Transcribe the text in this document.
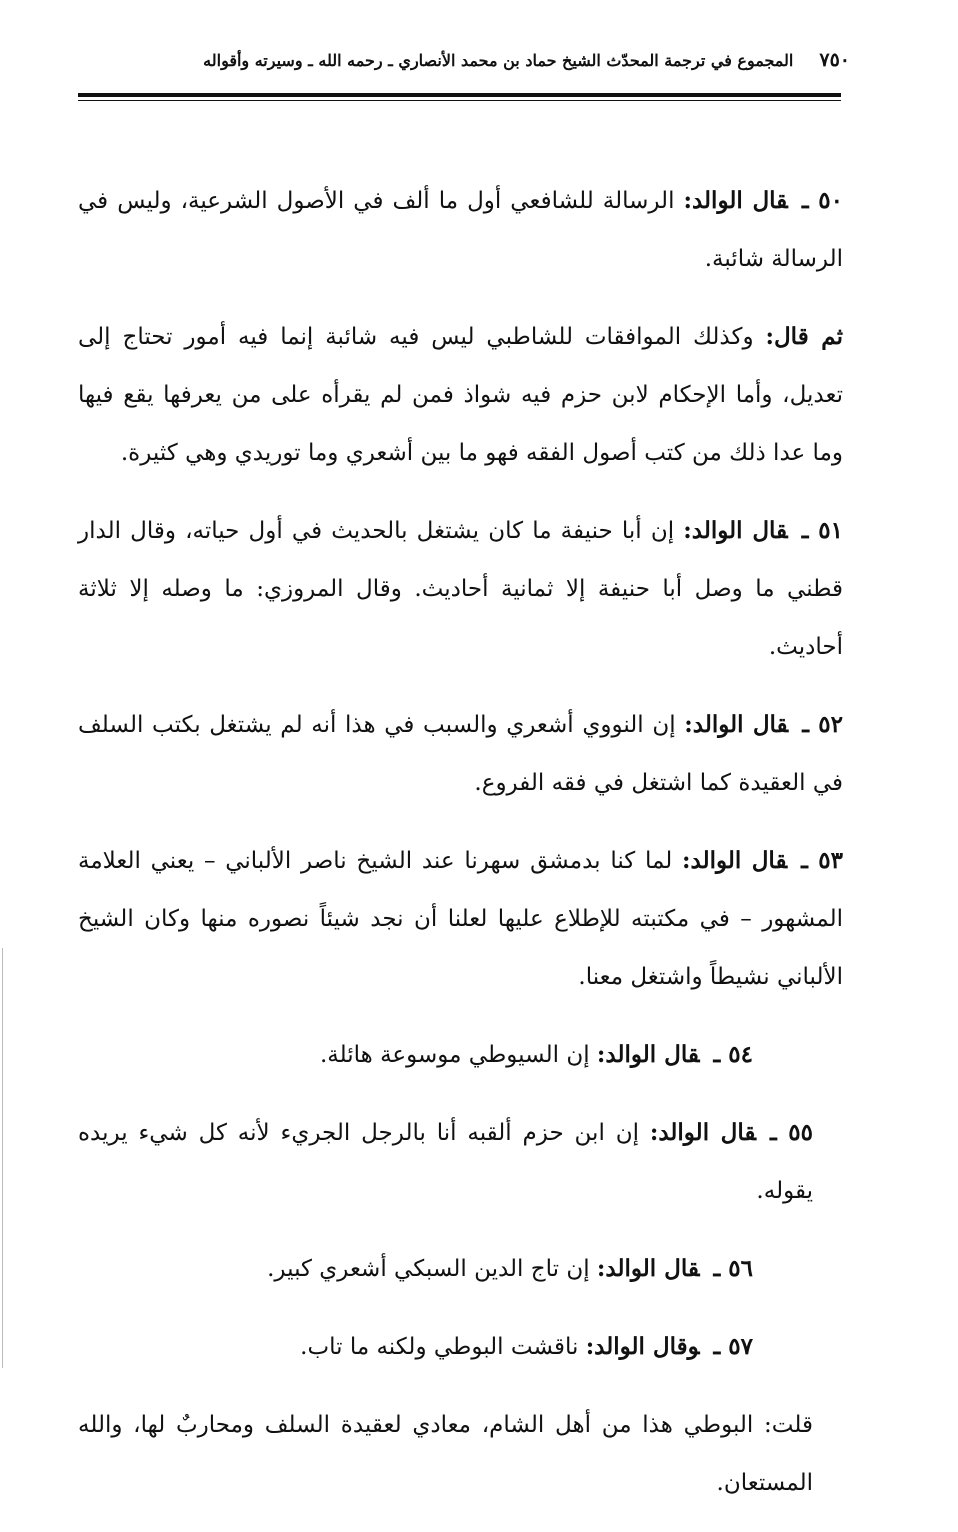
٧٥٠
المجموع في ترجمة المحدّث الشيخ حماد بن محمد الأنصاري ـ رحمه الله ـ وسيرته وأقواله

٥٠ ـقال الوالد: الرسالة للشافعي أول ما ألف في الأصول الشرعية، وليس في الرسالة شائبة.

ثم قال: وكذلك الموافقات للشاطبي ليس فيه شائبة إنما فيه أمور تحتاج إلى تعديل، وأما الإحكام لابن حزم فيه شواذ فمن لم يقرأه على من يعرفها يقع فيها وما عدا ذلك من كتب أصول الفقه فهو ما بين أشعري وما توريدي وهي كثيرة.

٥١ ـقال الوالد: إن أبا حنيفة ما كان يشتغل بالحديث في أول حياته، وقال الدار قطني ما وصل أبا حنيفة إلا ثمانية أحاديث. وقال المروزي: ما وصله إلا ثلاثة أحاديث.

٥٢ ـقال الوالد: إن النووي أشعري والسبب في هذا أنه لم يشتغل بكتب السلف في العقيدة كما اشتغل في فقه الفروع.

٥٣ ـقال الوالد: لما كنا بدمشق سهرنا عند الشيخ ناصر الألباني – يعني العلامة المشهور – في مكتبته للإطلاع عليها لعلنا أن نجد شيئاً نصوره منها وكان الشيخ الألباني نشيطاً واشتغل معنا.

٥٤ ـقال الوالد: إن السيوطي موسوعة هائلة.

٥٥ ـقال الوالد: إن ابن حزم ألقبه أنا بالرجل الجريء لأنه كل شيء يريده يقوله.

٥٦ ـقال الوالد: إن تاج الدين السبكي أشعري كبير.

٥٧ ـوقال الوالد: ناقشت البوطي ولكنه ما تاب.

قلت: البوطي هذا من أهل الشام، معادي لعقيدة السلف ومحاربٌ لها، والله المستعان.
